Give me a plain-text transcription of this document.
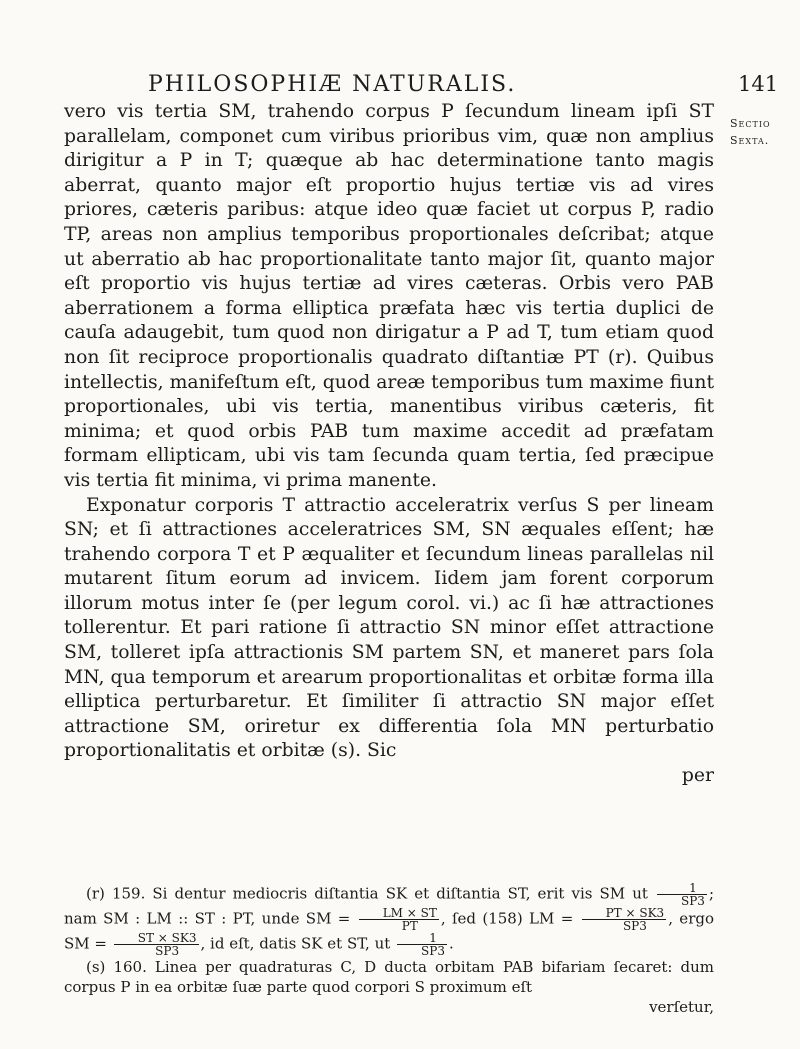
PHILOSOPHIÆ NATURALIS.	141
Sectio
Sexta.

vero vis tertia SM, trahendo corpus P ſecundum lineam ipſi ST parallelam, componet cum viribus prioribus vim, quæ non amplius dirigitur a P in T; quæque ab hac determinatione tanto magis aberrat, quanto major eſt proportio hujus tertiæ vis ad vires priores, cæteris paribus: atque ideo quæ faciet ut corpus P, radio TP, areas non amplius temporibus proportionales deſcribat; atque ut aberratio ab hac proportionalitate tanto major ſit, quanto major eſt proportio vis hujus tertiæ ad vires cæteras. Orbis vero PAB aberrationem a forma elliptica præfata hæc vis tertia duplici de cauſa adaugebit, tum quod non dirigatur a P ad T, tum etiam quod non ſit reciproce proportionalis quadrato diſtantiæ PT (r). Quibus intellectis, manifeſtum eſt, quod areæ temporibus tum maxime fiunt proportionales, ubi vis tertia, manentibus viribus cæteris, fit minima; et quod orbis PAB tum maxime accedit ad præfatam formam ellipticam, ubi vis tam ſecunda quam tertia, ſed præcipue vis tertia fit minima, vi prima manente.

Exponatur corporis T attractio acceleratrix verſus S per lineam SN; et ſi attractiones acceleratrices SM, SN æquales eſſent; hæ trahendo corpora T et P æqualiter et ſecundum lineas parallelas nil mutarent ſitum eorum ad invicem. Iidem jam forent corporum illorum motus inter ſe (per legum corol. vi.) ac ſi hæ attractiones tollerentur. Et pari ratione ſi attractio SN minor eſſet attractione SM, tolleret ipſa attractionis SM partem SN, et maneret pars ſola MN, qua temporum et arearum proportionalitas et orbitæ forma illa elliptica perturbaretur. Et ſimiliter ſi attractio SN major eſſet attractione SM, oriretur ex differentia ſola MN perturbatio proportionalitatis et orbitæ (s). Sic

per

(r) 159. Si dentur mediocris diſtantia SK et diſtantia ST, erit vis SM ut $\frac{1}{SP3}$ ; nam SM : LM :: ST : PT, unde SM = $\frac{LM \times ST}{PT}$ , ſed (158) LM = $\frac{PT \times SK3}{SP3}$ , ergo SM = $\frac{ST \times SK3}{SP3}$ , id eſt, datis SK et ST, ut $\frac{1}{SP3}$ .

(s) 160. Linea per quadraturas C, D ducta orbitam PAB bifariam ſecaret: dum corpus P in ea orbitæ ſuæ parte quod corpori S proximum eſt

verſetur,
